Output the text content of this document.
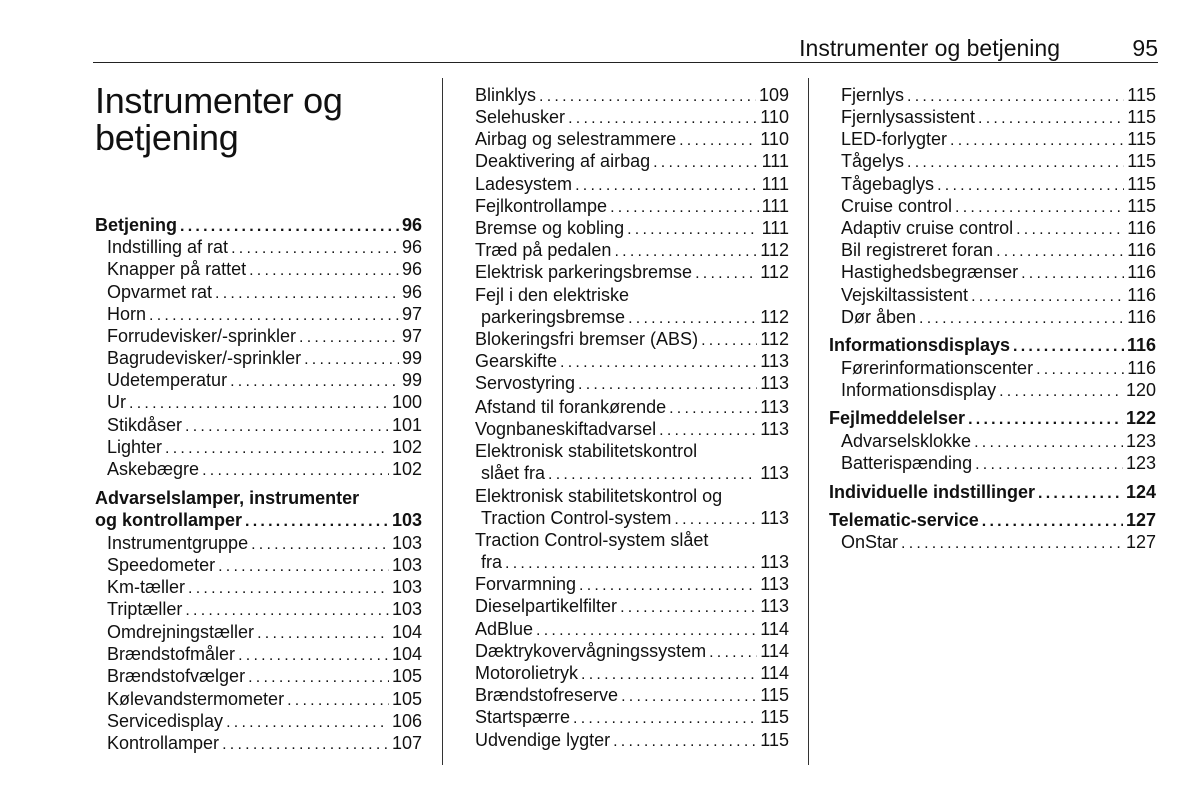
Instrumenter og betjening	95
Instrumenter og betjening
Betjening . . .	96
Indstilling af rat . . .	96
Knapper på rattet . . .	96
Opvarmet rat . . .	96
Horn . . .	97
Forrudevisker/-sprinkler . . .	97
Bagrudevisker/-sprinkler . . .	99
Udetemperatur . . .	99
Ur . . .	100
Stikdåser . . .	101
Lighter . . .	102
Askebægre . . .	102
Advarselslamper, instrumenter
og kontrollamper . . .	103
Instrumentgruppe . . .	103
Speedometer . . .	103
Km-tæller . . .	103
Triptæller . . .	103
Omdrejningstæller . . .	104
Brændstofmåler . . .	104
Brændstofvælger . . .	105
Kølevandstermometer . . .	105
Servicedisplay . . .	106
Kontrollamper . . .	107
Blinklys . . .	109
Selehusker . . .	110
Airbag og selestrammere . . .	110
Deaktivering af airbag . . .	111
Ladesystem . . .	111
Fejlkontrollampe . . .	111
Bremse og kobling . . .	111
Træd på pedalen . . .	112
Elektrisk parkeringsbremse . . .	112
Fejl i den elektriske
parkeringsbremse . . .	112
Blokeringsfri bremser (ABS) . . .	112
Gearskifte . . .	113
Servostyring . . .	113
Afstand til forankørende . . .	113
Vognbaneskiftadvarsel . . .	113
Elektronisk stabilitetskontrol
slået fra . . .	113
Elektronisk stabilitetskontrol og
Traction Control-system . . .	113
Traction Control-system slået
fra . . .	113
Forvarmning . . .	113
Dieselpartikelfilter . . .	113
AdBlue . . .	114
Dæktrykovervågningssystem . . .	114
Motorolietryk . . .	114
Brændstofreserve . . .	115
Startspærre . . .	115
Udvendige lygter . . .	115
Fjernlys . . .	115
Fjernlysassistent . . .	115
LED-forlygter . . .	115
Tågelys . . .	115
Tågebaglys . . .	115
Cruise control . . .	115
Adaptiv cruise control . . .	116
Bil registreret foran . . .	116
Hastighedsbegrænser . . .	116
Vejskiltassistent . . .	116
Dør åben . . .	116
Informationsdisplays . . .	116
Førerinformationscenter . . .	116
Informationsdisplay . . .	120
Fejlmeddelelser . . .	122
Advarselsklokke . . .	123
Batterispænding . . .	123
Individuelle indstillinger . . .	124
Telematic-service . . .	127
OnStar . . .	127
